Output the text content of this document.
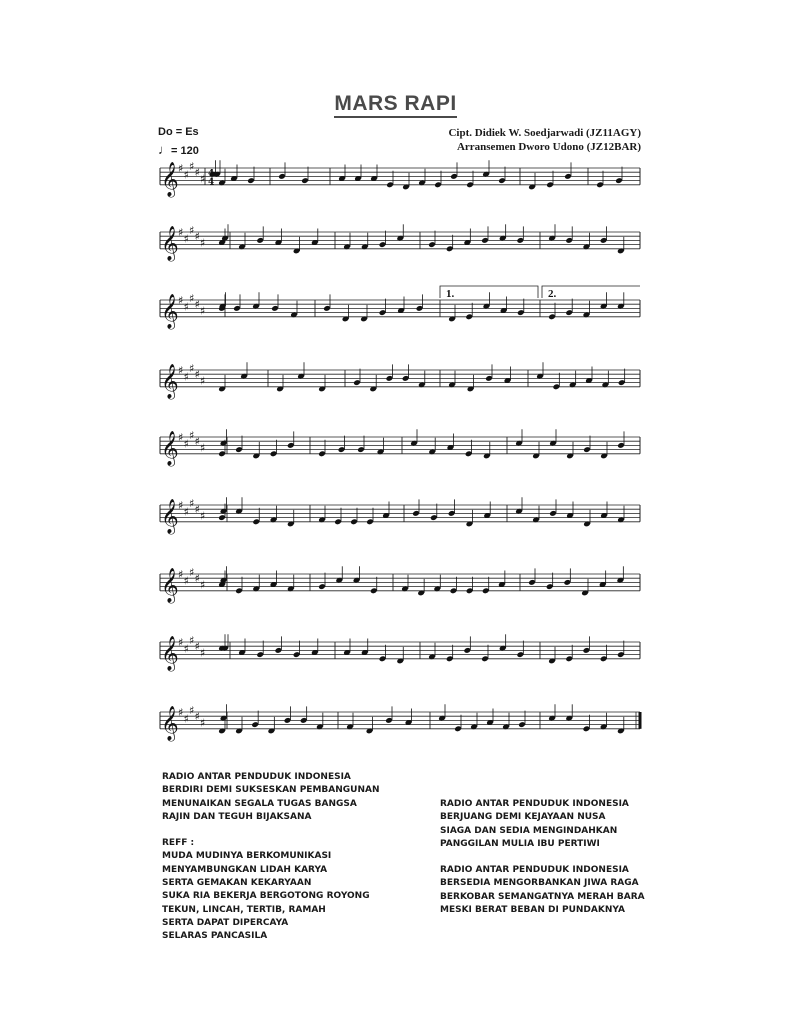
MARS RAPI
Do = Es
♩= 120
Cipt. Didiek W. Soedjarwadi (JZ11AGY)
Arransemen Dworo Udono (JZ12BAR)
𝄞 ♯ ♯
♯ ♯ ♯
𝄞 ♯ ♯
♯ ♯ ♯
𝄞 ♯ ♯
♯ ♯ ♯
𝄞 ♯ ♯
♯ ♯ ♯
𝄞 ♯ ♯
♯ ♯ ♯
𝄞 ♯ ♯
♯ ♯ ♯
𝄞 ♯ ♯
♯ ♯ ♯
𝄞 ♯ ♯
♯ ♯ ♯
𝄞 ♯ ♯
♯ ♯ ♯
4
4
1.	2.
RADIO ANTAR PENDUDUK INDONESIA
BERDIRI DEMI SUKSESKAN PEMBANGUNAN
MENUNAIKAN SEGALA TUGAS BANGSA
RAJIN DAN TEGUH BIJAKSANA
REFF :
MUDA MUDINYA BERKOMUNIKASI
MENYAMBUNGKAN LIDAH KARYA
SERTA GEMAKAN KEKARYAAN
SUKA RIA BEKERJA BERGOTONG ROYONG
TEKUN, LINCAH, TERTIB, RAMAH
SERTA DAPAT DIPERCAYA
SELARAS PANCASILA
RADIO ANTAR PENDUDUK INDONESIA
BERJUANG DEMI KEJAYAAN NUSA
SIAGA DAN SEDIA MENGINDAHKAN
PANGGILAN MULIA IBU PERTIWI
RADIO ANTAR PENDUDUK INDONESIA
BERSEDIA MENGORBANKAN JIWA RAGA
BERKOBAR SEMANGATNYA MERAH BARA
MESKI BERAT BEBAN DI PUNDAKNYA
